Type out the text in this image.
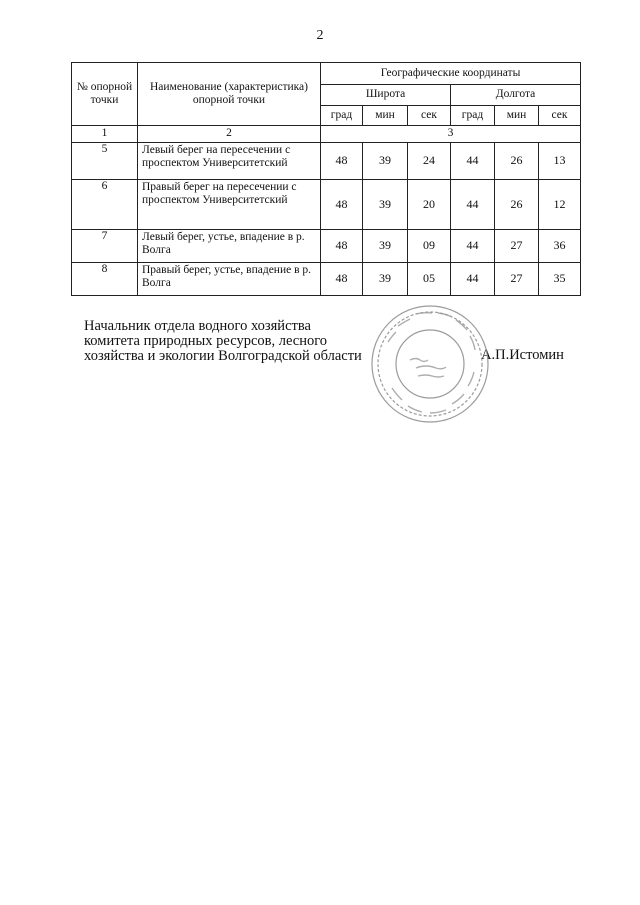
2
№ опорной точки	Наименование (характеристика) опорной точки	Географические координаты					
		Широта			Долгота		
		град	мин	сек	град	мин	сек
1	2	3					
5	Левый берег на пересечении с проспектом Университетский	48	39	24	44	26	13
6	Правый берег на пересечении с проспектом Университетский	48	39	20	44	26	12
7	Левый берег, устье, впадение в р. Волга	48	39	09	44	27	36
8	Правый берег, устье, впадение в р. Волга	48	39	05	44	27	35
Начальник отдела водного хозяйства
комитета природных ресурсов, лесного
хозяйства и экологии Волгоградской области	А.П.Истомин
